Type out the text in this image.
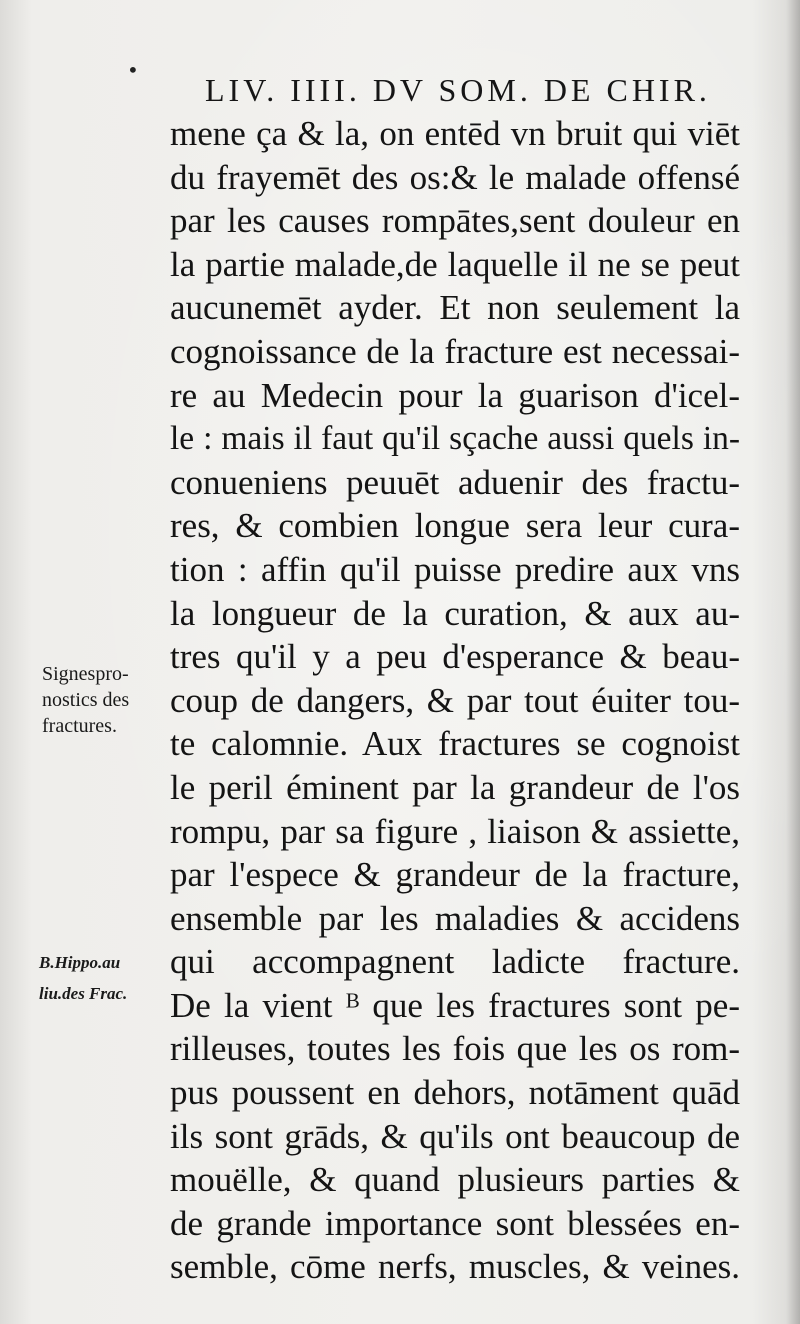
•
LIV. IIII. DV SOM. DE CHIR.
Signespro-
nostics des
fractures.
B.Hippo.au
liu.des Frac.
mene ça & la, on entēd vn bruit qui viēt
du frayemēt des os:& le malade offensé
par les causes rompātes,sent douleur en
la partie malade,de laquelle il ne se peut
aucunemēt ayder. Et non seulement la
cognoissance de la fracture est necessai-
re au Medecin pour la guarison d'icel-
le : mais il faut qu'il sçache aussi quels in-
conueniens peuuēt aduenir des fractu-
res, & combien longue sera leur cura-
tion : affin qu'il puisse predire aux vns
la longueur de la curation, & aux au-
tres qu'il y a peu d'esperance & beau-
coup de dangers, & par tout éuiter tou-
te calomnie. Aux fractures se cognoist
le peril éminent par la grandeur de l'os
rompu, par sa figure , liaison & assiette,
par l'espece & grandeur de la fracture,
ensemble par les maladies & accidens
qui accompagnent ladicte fracture.
De la vient ᴮ que les fractures sont pe-
rilleuses, toutes les fois que les os rom-
pus poussent en dehors, notāment quād
ils sont grāds, & qu'ils ont beaucoup de
mouëlle, & quand plusieurs parties &
de grande importance sont blessées en-
semble, cōme nerfs, muscles, & veines.
